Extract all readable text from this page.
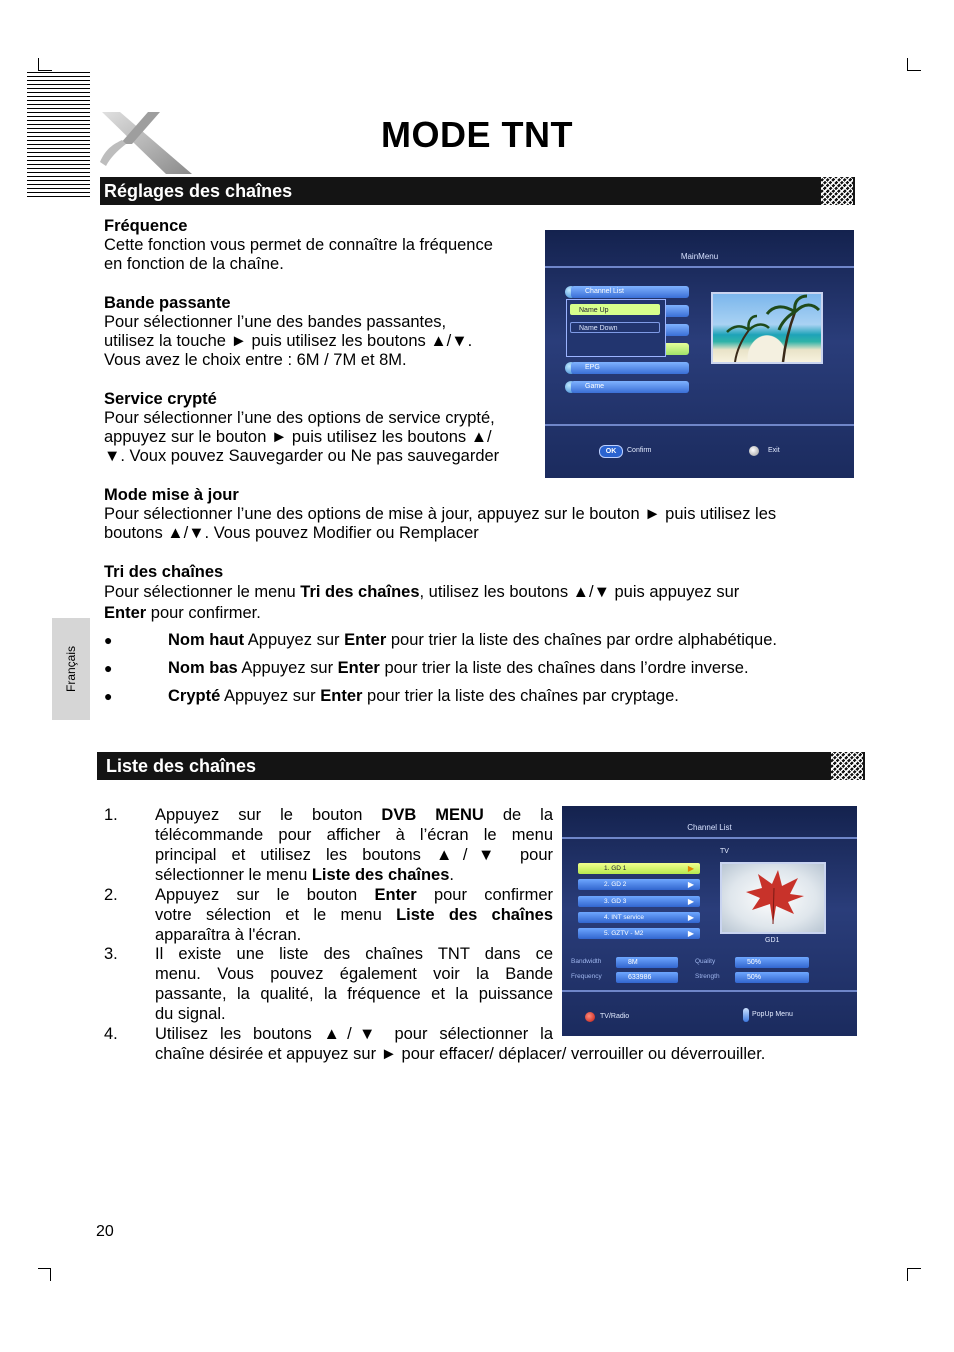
MODE TNT
Réglages des chaînes
Fréquence
Cette fonction vous permet de connaître la fréquence
en fonction de la chaîne.
Bande passante
Pour sélectionner l’une des bandes passantes,
utilisez la touche ► puis utilisez les boutons ▲/▼.
Vous avez le choix entre : 6M / 7M et 8M.
Service crypté
Pour sélectionner l’une des options de service crypté,
appuyez sur le bouton ► puis utilisez les boutons ▲/
▼. Voux pouvez Sauvegarder ou Ne pas sauvegarder
Mode mise à jour
Pour sélectionner l’une des options de mise à jour, appuyez sur le bouton ► puis utilisez les
boutons ▲/▼. Vous pouvez Modifier ou Remplacer
Tri des chaînes
Pour sélectionner le menu Tri des chaînes, utilisez les boutons ▲/▼ puis appuyez sur
Enter pour confirmer.
●	Nom haut Appuyez sur Enter pour trier la liste des chaînes par ordre alphabétique.
●	Nom bas Appuyez sur Enter pour trier la liste des chaînes dans l’ordre inverse.
●	Crypté Appuyez sur Enter pour trier la liste des chaînes par cryptage.
Français
MainMenu
Channel List
Name Up
Name Down
EPG
Game
OK	Confirm	Exit
Liste des chaînes
1. Appuyez sur le bouton DVB MENU de la
télécommande pour afficher à l’écran le menu
principal et utilisez les boutons ▲/▼ pour
sélectionner le menu Liste des chaînes.
2. Appuyez sur le bouton Enter pour confirmer
votre sélection et le menu Liste des chaînes
apparaîtra à l'écran.
3. Il existe une liste des chaînes TNT dans ce
menu. Vous pouvez également voir la Bande
passante, la qualité, la fréquence et la puissance
du signal.
4. Utilisez les boutons ▲/▼ pour sélectionner la
chaîne désirée et appuyez sur ► pour effacer/ déplacer/ verrouiller ou déverrouiller.
Channel List
TV
1. GD 1	▶
2. GD 2	▶
3. GD 3	▶
4. INT service	▶
5. GZTV - M2	▶
GD1
Bandwidth	8M
Frequency	633986
Quality	50%
Strength	50%
TV/Radio	PopUp Menu
20
